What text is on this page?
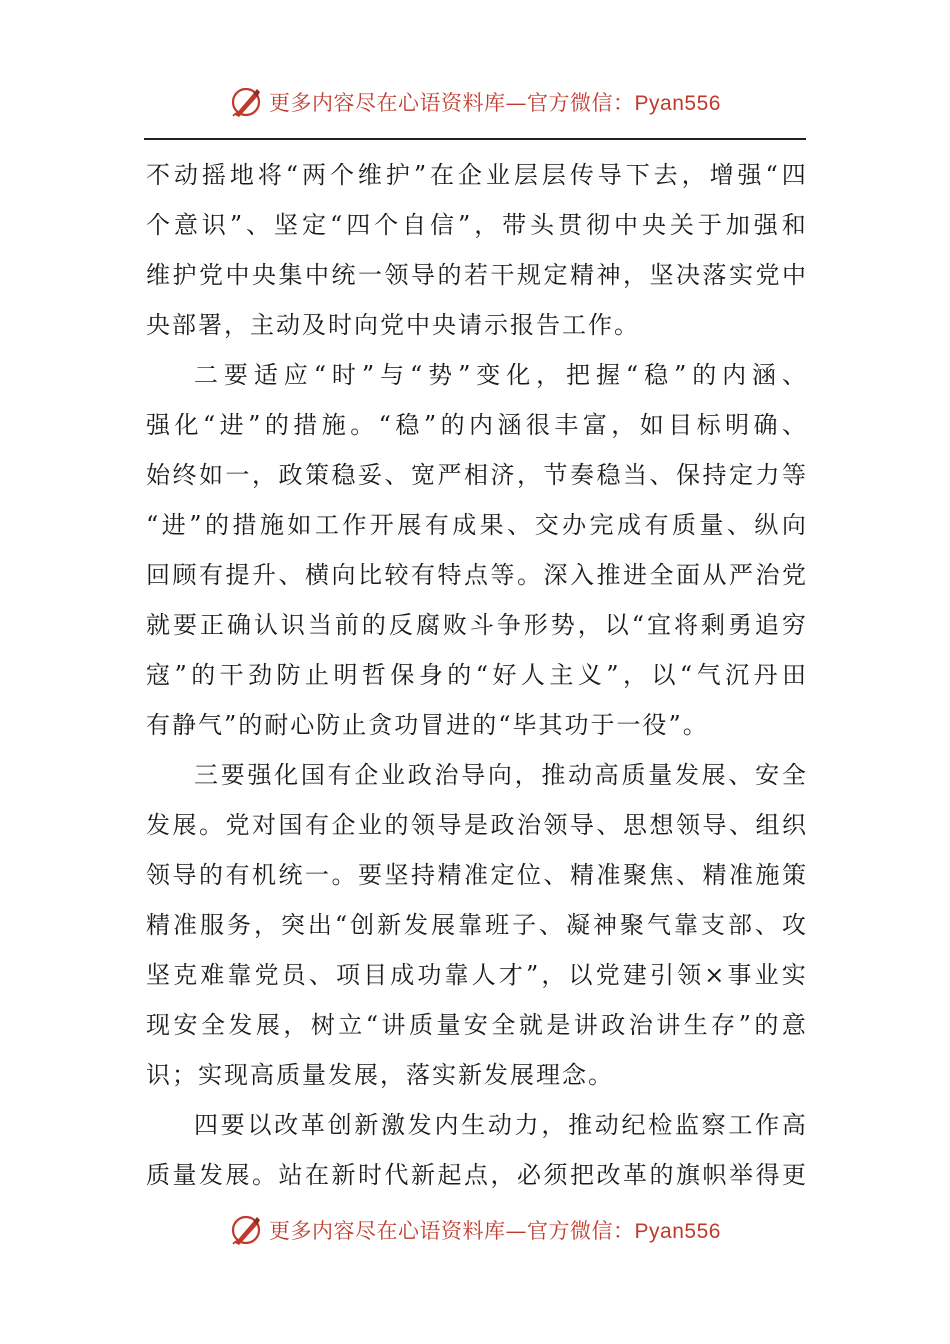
更多内容尽在心语资料库—官方微信：Pyan556
不 动 摇 地 将 “ 两 个 维 护 ” 在 企 业 层 层 传 导 下 去 ， 增 强 “ 四
个 意 识 ” 、 坚 定 “ 四 个 自 信 ” ， 带 头 贯 彻 中 央 关 于 加 强 和
维 护 党 中 央 集 中 统 一 领 导 的 若 干 规 定 精 神 ， 坚 决 落 实 党 中
央部署，主动及时向党中央请示报告工作。
二 要 适 应 “ 时 ” 与 “ 势 ” 变 化 ， 把 握 “ 稳 ” 的 内 涵 、
强 化 “ 进 ” 的 措 施 。 “ 稳 ” 的 内 涵 很 丰 富 ， 如 目 标 明 确 、
始 终 如 一 ， 政 策 稳 妥 、 宽 严 相 济 ， 节 奏 稳 当 、 保 持 定 力 等
“ 进 ” 的 措 施 如 工 作 开 展 有 成 果 、 交 办 完 成 有 质 量 、 纵 向
回 顾 有 提 升 、 横 向 比 较 有 特 点 等 。 深 入 推 进 全 面 从 严 治 党
就 要 正 确 认 识 当 前 的 反 腐 败 斗 争 形 势 ， 以 “ 宜 将 剩 勇 追 穷
寇 ” 的 干 劲 防 止 明 哲 保 身 的 “ 好 人 主 义 ” ， 以 “ 气 沉 丹 田
有静气”的耐心防止贪功冒进的“毕其功于一役”。
三 要 强 化 国 有 企 业 政 治 导 向 ， 推 动 高 质 量 发 展 、 安 全
发 展 。 党 对 国 有 企 业 的 领 导 是 政 治 领 导 、 思 想 领 导 、 组 织
领 导 的 有 机 统 一 。 要 坚 持 精 准 定 位 、 精 准 聚 焦 、 精 准 施 策
精 准 服 务 ， 突 出 “ 创 新 发 展 靠 班 子 、 凝 神 聚 气 靠 支 部 、 攻
坚 克 难 靠 党 员 、 项 目 成 功 靠 人 才 ” ， 以 党 建 引 领 × 事 业 实
现 安 全 发 展 ， 树 立 “ 讲 质 量 安 全 就 是 讲 政 治 讲 生 存 ” 的 意
识；实现高质量发展，落实新发展理念。
四 要 以 改 革 创 新 激 发 内 生 动 力 ， 推 动 纪 检 监 察 工 作 高
质 量 发 展 。 站 在 新 时 代 新 起 点 ， 必 须 把 改 革 的 旗 帜 举 得 更
更多内容尽在心语资料库—官方微信：Pyan556
